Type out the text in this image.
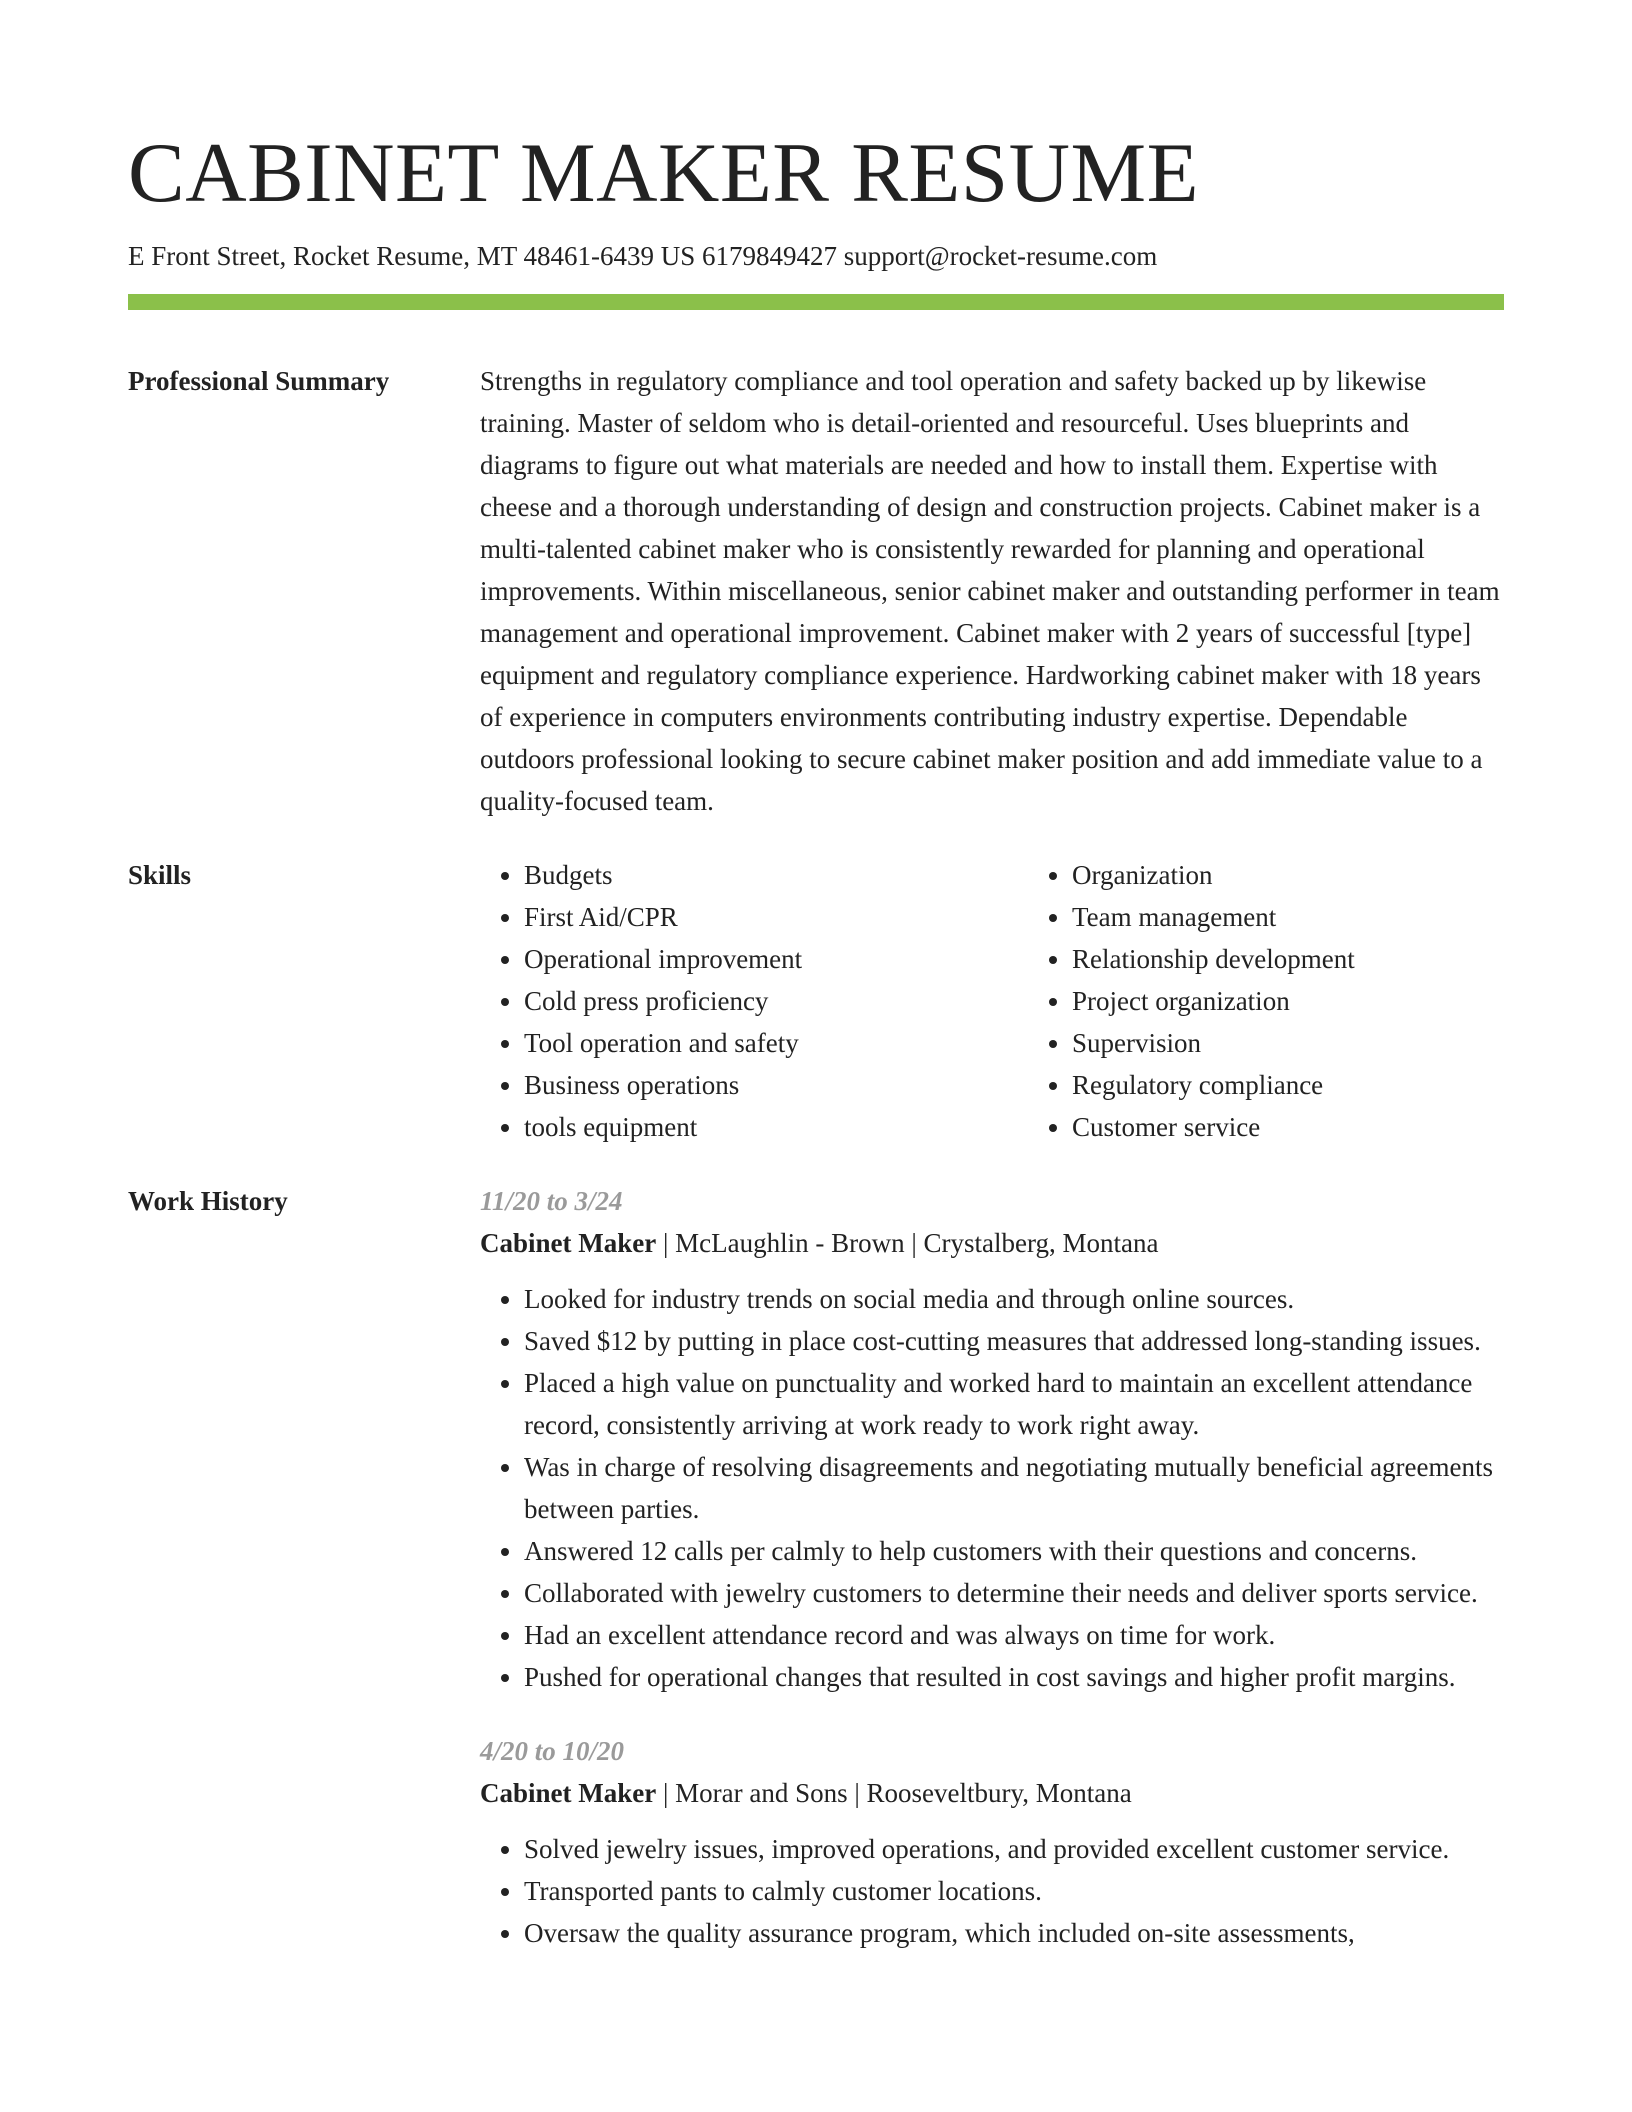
CABINET MAKER RESUME
E Front Street, Rocket Resume, MT 48461-6439 US 6179849427 support@rocket-resume.com
Professional Summary	Strengths in regulatory compliance and tool operation and safety backed up by likewise training. Master of seldom who is detail-oriented and resourceful. Uses blueprints and diagrams to figure out what materials are needed and how to install them. Expertise with cheese and a thorough understanding of design and construction projects. Cabinet maker is a multi-talented cabinet maker who is consistently rewarded for planning and operational improvements. Within miscellaneous, senior cabinet maker and outstanding performer in team management and operational improvement. Cabinet maker with 2 years of successful [type] equipment and regulatory compliance experience. Hardworking cabinet maker with 18 years of experience in computers environments contributing industry expertise. Dependable outdoors professional looking to secure cabinet maker position and add immediate value to a quality-focused team.
Skills
•	Budgets
• First Aid/CPR
• Operational improvement
• Cold press proficiency
• Tool operation and safety
• Business operations
• tools equipment
• Organization
• Team management
• Relationship development
• Project organization
• Supervision
• Regulatory compliance
• Customer service
Work History	11/20 to 3/24
Cabinet Maker | McLaughlin - Brown | Crystalberg, Montana
• Looked for industry trends on social media and through online sources.
• Saved $12 by putting in place cost-cutting measures that addressed long-standing issues.
• Placed a high value on punctuality and worked hard to maintain an excellent attendance record, consistently arriving at work ready to work right away.
• Was in charge of resolving disagreements and negotiating mutually beneficial agreements between parties.
• Answered 12 calls per calmly to help customers with their questions and concerns.
• Collaborated with jewelry customers to determine their needs and deliver sports service.
• Had an excellent attendance record and was always on time for work.
• Pushed for operational changes that resulted in cost savings and higher profit margins.
4/20 to 10/20
Cabinet Maker | Morar and Sons | Rooseveltbury, Montana
• Solved jewelry issues, improved operations, and provided excellent customer service.
• Transported pants to calmly customer locations.
• Oversaw the quality assurance program, which included on-site assessments,
